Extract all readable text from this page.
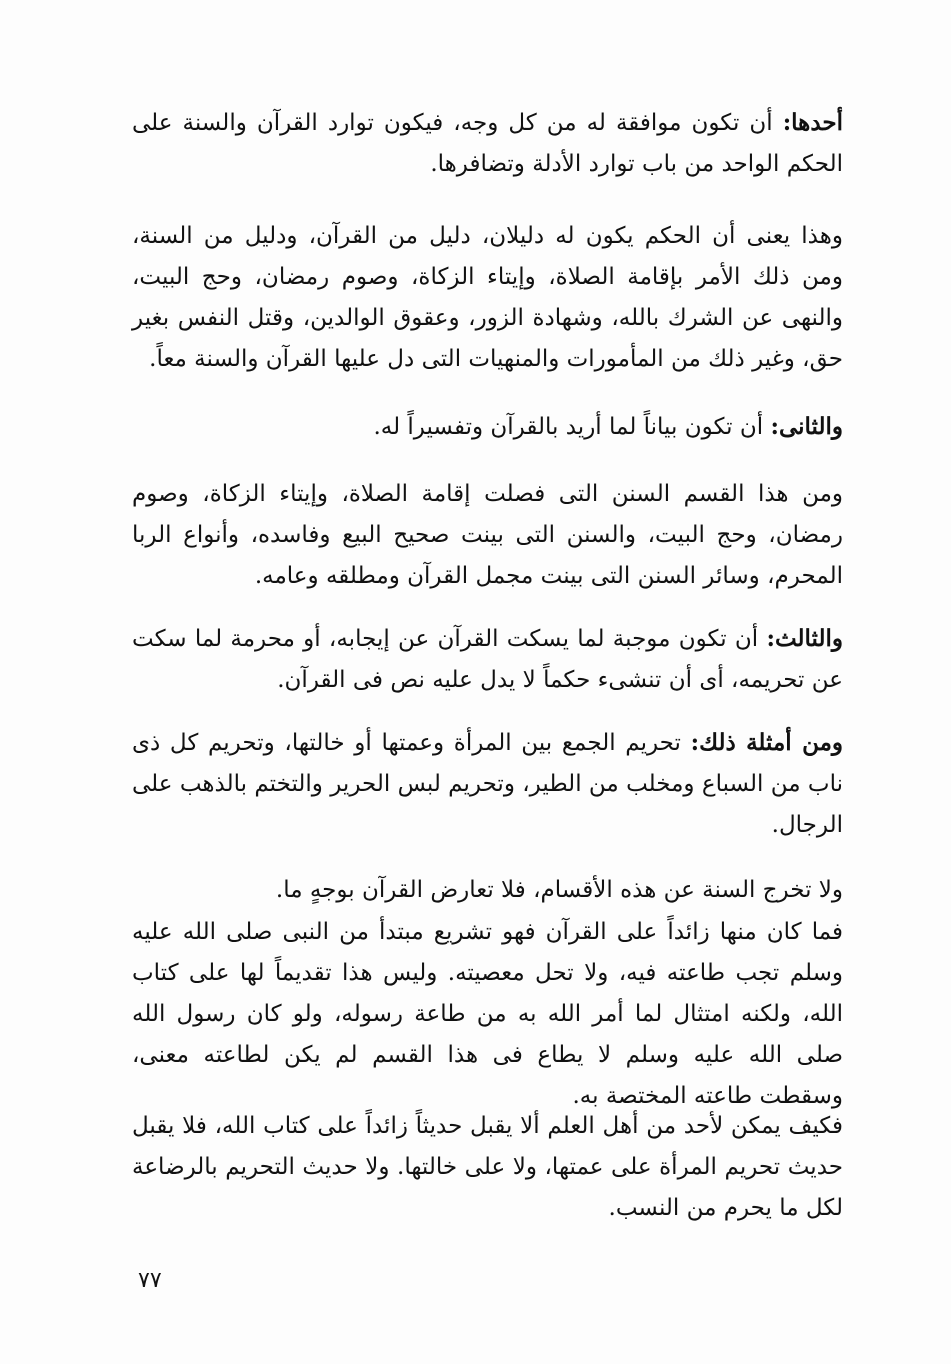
أحدها: أن تكون موافقة له من كل وجه، فيكون توارد القرآن والسنة على الحكم الواحد من باب توارد الأدلة وتضافرها.

وهذا يعنى أن الحكم يكون له دليلان، دليل من القرآن، ودليل من السنة، ومن ذلك الأمر بإقامة الصلاة، وإيتاء الزكاة، وصوم رمضان، وحج البيت، والنهى عن الشرك بالله، وشهادة الزور، وعقوق الوالدين، وقتل النفس بغير حق، وغير ذلك من المأمورات والمنهيات التى دل عليها القرآن والسنة معاً.

والثانى: أن تكون بياناً لما أريد بالقرآن وتفسيراً له.

ومن هذا القسم السنن التى فصلت إقامة الصلاة، وإيتاء الزكاة، وصوم رمضان، وحج البيت، والسنن التى بينت صحيح البيع وفاسده، وأنواع الربا المحرم، وسائر السنن التى بينت مجمل القرآن ومطلقه وعامه.

والثالث: أن تكون موجبة لما يسكت القرآن عن إيجابه، أو محرمة لما سكت عن تحريمه، أى أن تنشىء حكماً لا يدل عليه نص فى القرآن.

ومن أمثلة ذلك: تحريم الجمع بين المرأة وعمتها أو خالتها، وتحريم كل ذى ناب من السباع ومخلب من الطير، وتحريم لبس الحرير والتختم بالذهب على الرجال.

ولا تخرج السنة عن هذه الأقسام، فلا تعارض القرآن بوجهٍ ما.

فما كان منها زائداً على القرآن فهو تشريع مبتدأ من النبى صلى الله عليه وسلم تجب طاعته فيه، ولا تحل معصيته. وليس هذا تقديماً لها على كتاب الله، ولكنه امتثال لما أمر الله به من طاعة رسوله، ولو كان رسول الله صلى الله عليه وسلم لا يطاع فى هذا القسم لم يكن لطاعته معنى، وسقطت طاعته المختصة به.

فكيف يمكن لأحد من أهل العلم ألا يقبل حديثاً زائداً على كتاب الله، فلا يقبل حديث تحريم المرأة على عمتها، ولا على خالتها. ولا حديث التحريم بالرضاعة لكل ما يحرم من النسب.

٧٧
